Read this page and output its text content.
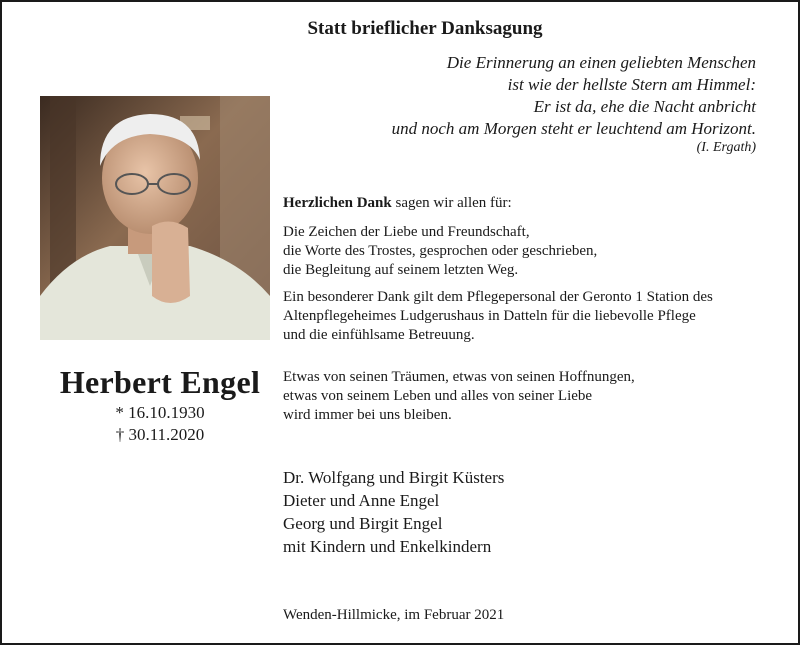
Statt brieflicher Danksagung
Die Erinnerung an einen geliebten Menschen
ist wie der hellste Stern am Himmel:
Er ist da, ehe die Nacht anbricht
und noch am Morgen steht er leuchtend am Horizont.
(I. Ergath)
Herbert Engel
* 16.10.1930
† 30.11.2020
Herzlichen Dank sagen wir allen für:
Die Zeichen der Liebe und Freundschaft,
die Worte des Trostes, gesprochen oder geschrieben,
die Begleitung auf seinem letzten Weg.
Ein besonderer Dank gilt dem Pflegepersonal der Geronto 1 Station des
Altenpflegeheimes Ludgerushaus in Datteln für die liebevolle Pflege
und die einfühlsame Betreuung.
Etwas von seinen Träumen, etwas von seinen Hoffnungen,
etwas von seinem Leben und alles von seiner Liebe
wird immer bei uns bleiben.
Dr. Wolfgang und Birgit Küsters
Dieter und Anne Engel
Georg und Birgit Engel
mit Kindern und Enkelkindern
Wenden-Hillmicke, im Februar 2021
